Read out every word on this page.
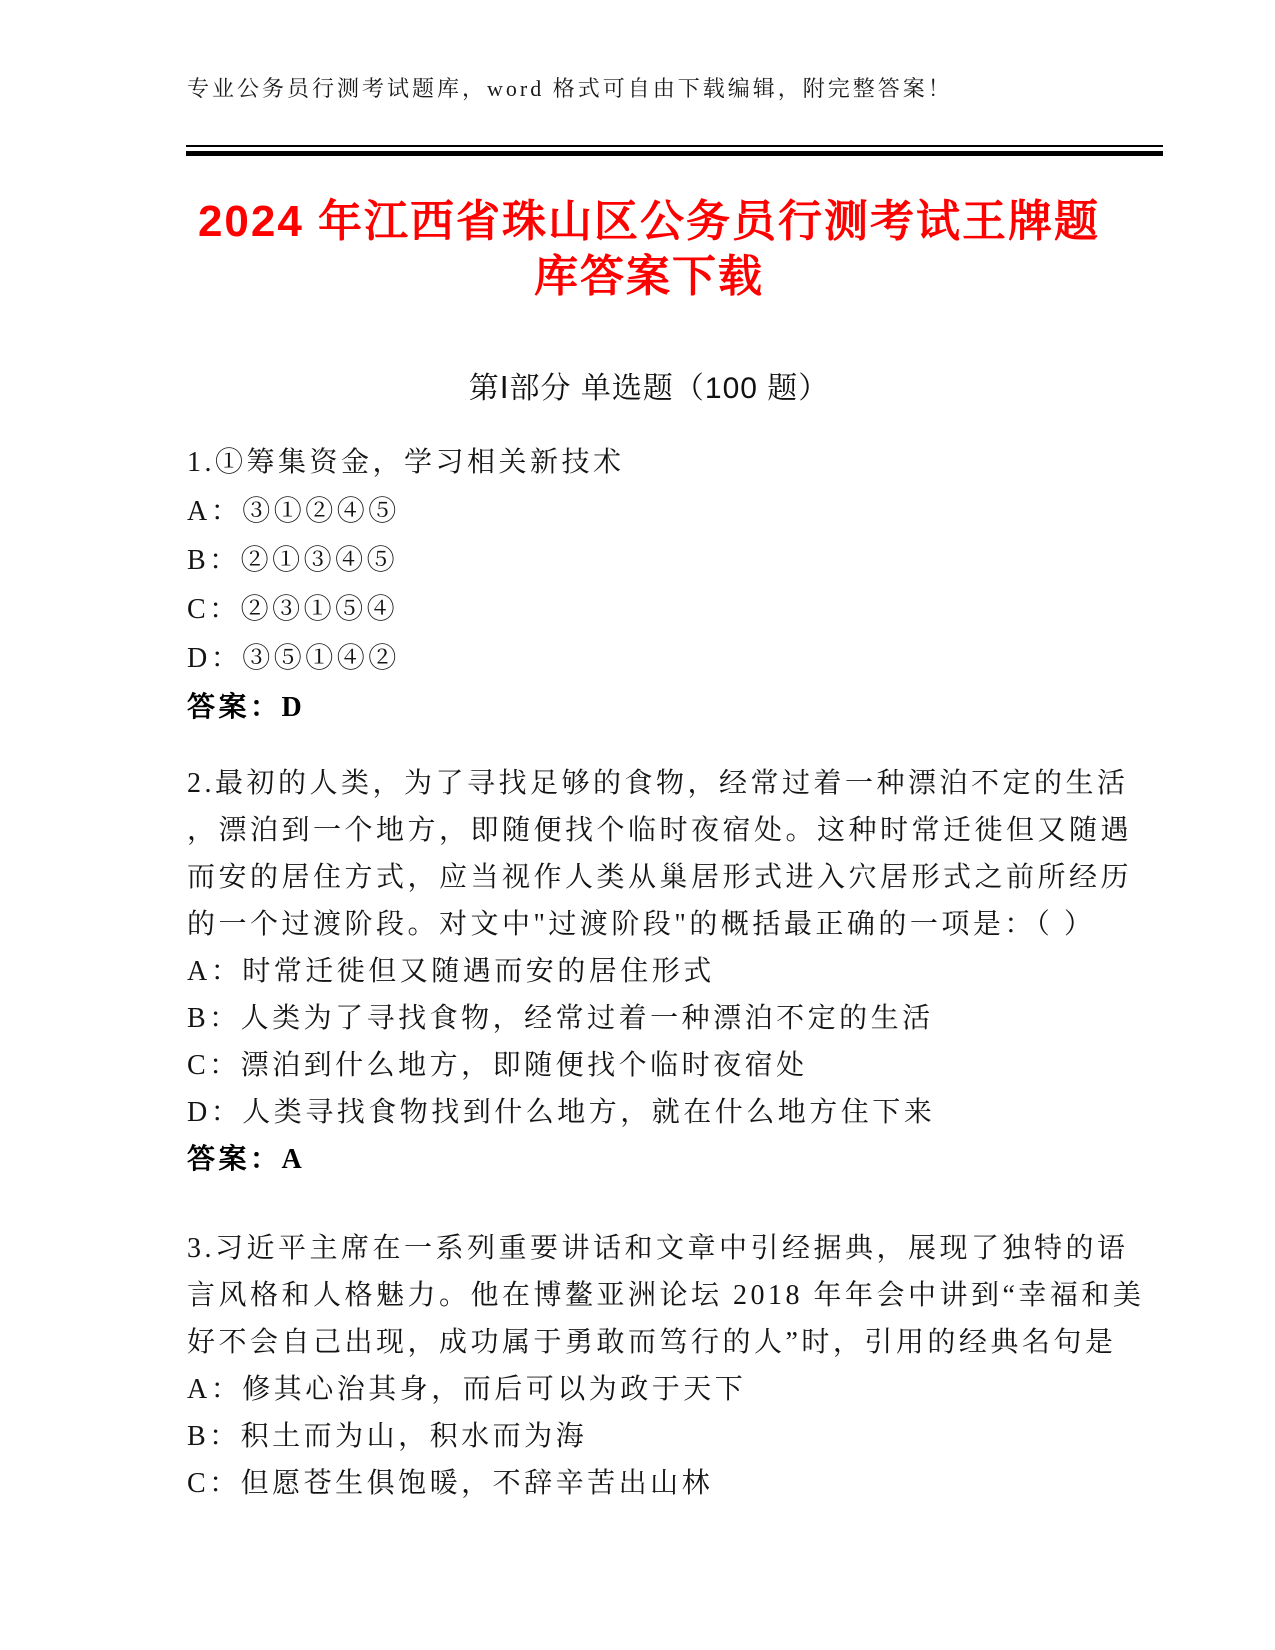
专业公务员行测考试题库，word 格式可自由下载编辑，附完整答案！
2024 年江西省珠山区公务员行测考试王牌题
库答案下载
第Ⅰ部分 单选题（100 题）
1.①筹集资金，学习相关新技术
A：③①②④⑤
B：②①③④⑤
C：②③①⑤④
D：③⑤①④②
答案：D
2.最初的人类，为了寻找足够的食物，经常过着一种漂泊不定的生活
，漂泊到一个地方，即随便找个临时夜宿处。这种时常迁徙但又随遇
而安的居住方式，应当视作人类从巢居形式进入穴居形式之前所经历
的一个过渡阶段。对文中"过渡阶段"的概括最正确的一项是：（ ）
A：时常迁徙但又随遇而安的居住形式
B：人类为了寻找食物，经常过着一种漂泊不定的生活
C：漂泊到什么地方，即随便找个临时夜宿处
D：人类寻找食物找到什么地方，就在什么地方住下来
答案：A
3.习近平主席在一系列重要讲话和文章中引经据典，展现了独特的语
言风格和人格魅力。他在博鳌亚洲论坛 2018 年年会中讲到“幸福和美
好不会自己出现，成功属于勇敢而笃行的人”时，引用的经典名句是
A：修其心治其身，而后可以为政于天下
B：积土而为山，积水而为海
C：但愿苍生俱饱暖，不辞辛苦出山林
